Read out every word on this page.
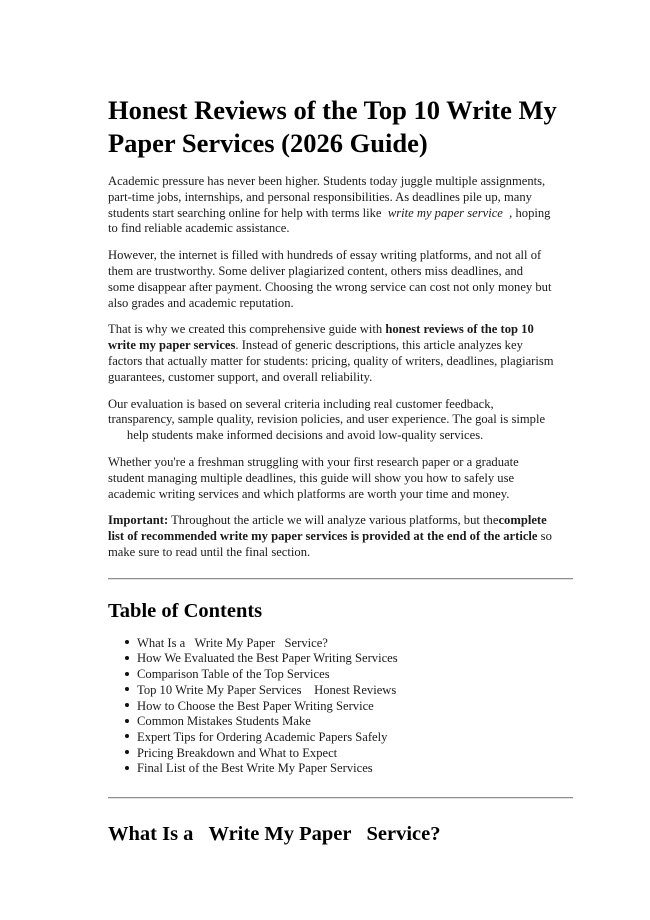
Honest Reviews of the Top 10 Write My
Paper Services (2026 Guide)

Academic pressure has never been higher. Students today juggle multiple assignments,
part-time jobs, internships, and personal responsibilities. As deadlines pile up, many
students start searching online for help with terms like  write my paper service  , hoping
to find reliable academic assistance.

However, the internet is filled with hundreds of essay writing platforms, and not all of
them are trustworthy. Some deliver plagiarized content, others miss deadlines, and
some disappear after payment. Choosing the wrong service can cost not only money but
also grades and academic reputation.

That is why we created this comprehensive guide with honest reviews of the top 10
write my paper services. Instead of generic descriptions, this article analyzes key
factors that actually matter for students: pricing, quality of writers, deadlines, plagiarism
guarantees, customer support, and overall reliability.

Our evaluation is based on several criteria including real customer feedback,
transparency, sample quality, revision policies, and user experience. The goal is simple
help students make informed decisions and avoid low-quality services.

Whether you're a freshman struggling with your first research paper or a graduate
student managing multiple deadlines, this guide will show you how to safely use
academic writing services and which platforms are worth your time and money.

Important: Throughout the article we will analyze various platforms, but thecomplete
list of recommended write my paper services is provided at the end of the article so
make sure to read until the final section.

Table of Contents
What Is a   Write My Paper   Service?
How We Evaluated the Best Paper Writing Services
Comparison Table of the Top Services
Top 10 Write My Paper Services    Honest Reviews
How to Choose the Best Paper Writing Service
Common Mistakes Students Make
Expert Tips for Ordering Academic Papers Safely
Pricing Breakdown and What to Expect
Final List of the Best Write My Paper Services
What Is a   Write My Paper   Service?
